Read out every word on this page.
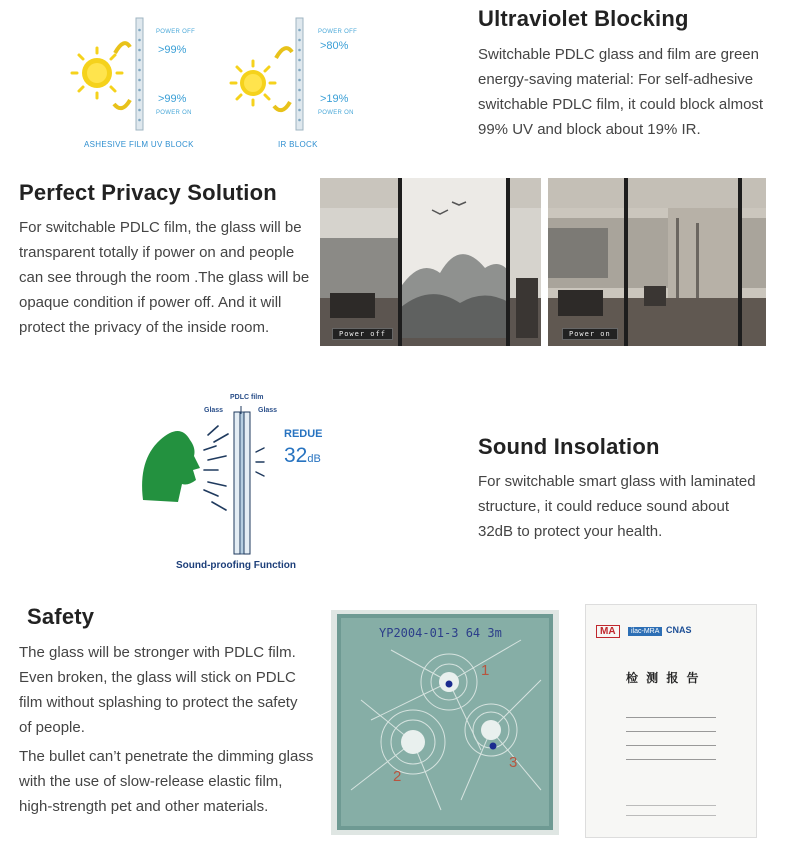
POWER OFF
>99%
>99%
POWER ON
POWER OFF
>80%
>19%
POWER ON
ASHESIVE FILM UV BLOCK	IR BLOCK
Ultraviolet Blocking

Switchable PDLC glass and film are green energy-saving material: For self-adhesive switchable PDLC film, it could block almost 99% UV and block about 19% IR.

Perfect Privacy Solution

For switchable PDLC film, the glass will be transparent totally if power on and people can see through the room .The glass will be opaque condition if power off. And it will protect the privacy of the inside room.	Power off	Power on
PDLC film
Glass	Glass
REDUE
32dB
Sound-proofing Function
Sound Insolation

For switchable smart glass with laminated structure, it could reduce sound about 32dB to protect your health.

Safety

The glass will be stronger with PDLC film. Even broken, the glass will stick on PDLC film without splashing to protect the safety of people.

The bullet can’t penetrate the dimming glass with the use of slow-release elastic film, high-strength pet and other materials.

YP2004-01-3 64 3m
1
2
3
MA	ilac-MRA CNAS
检 测 报 告
